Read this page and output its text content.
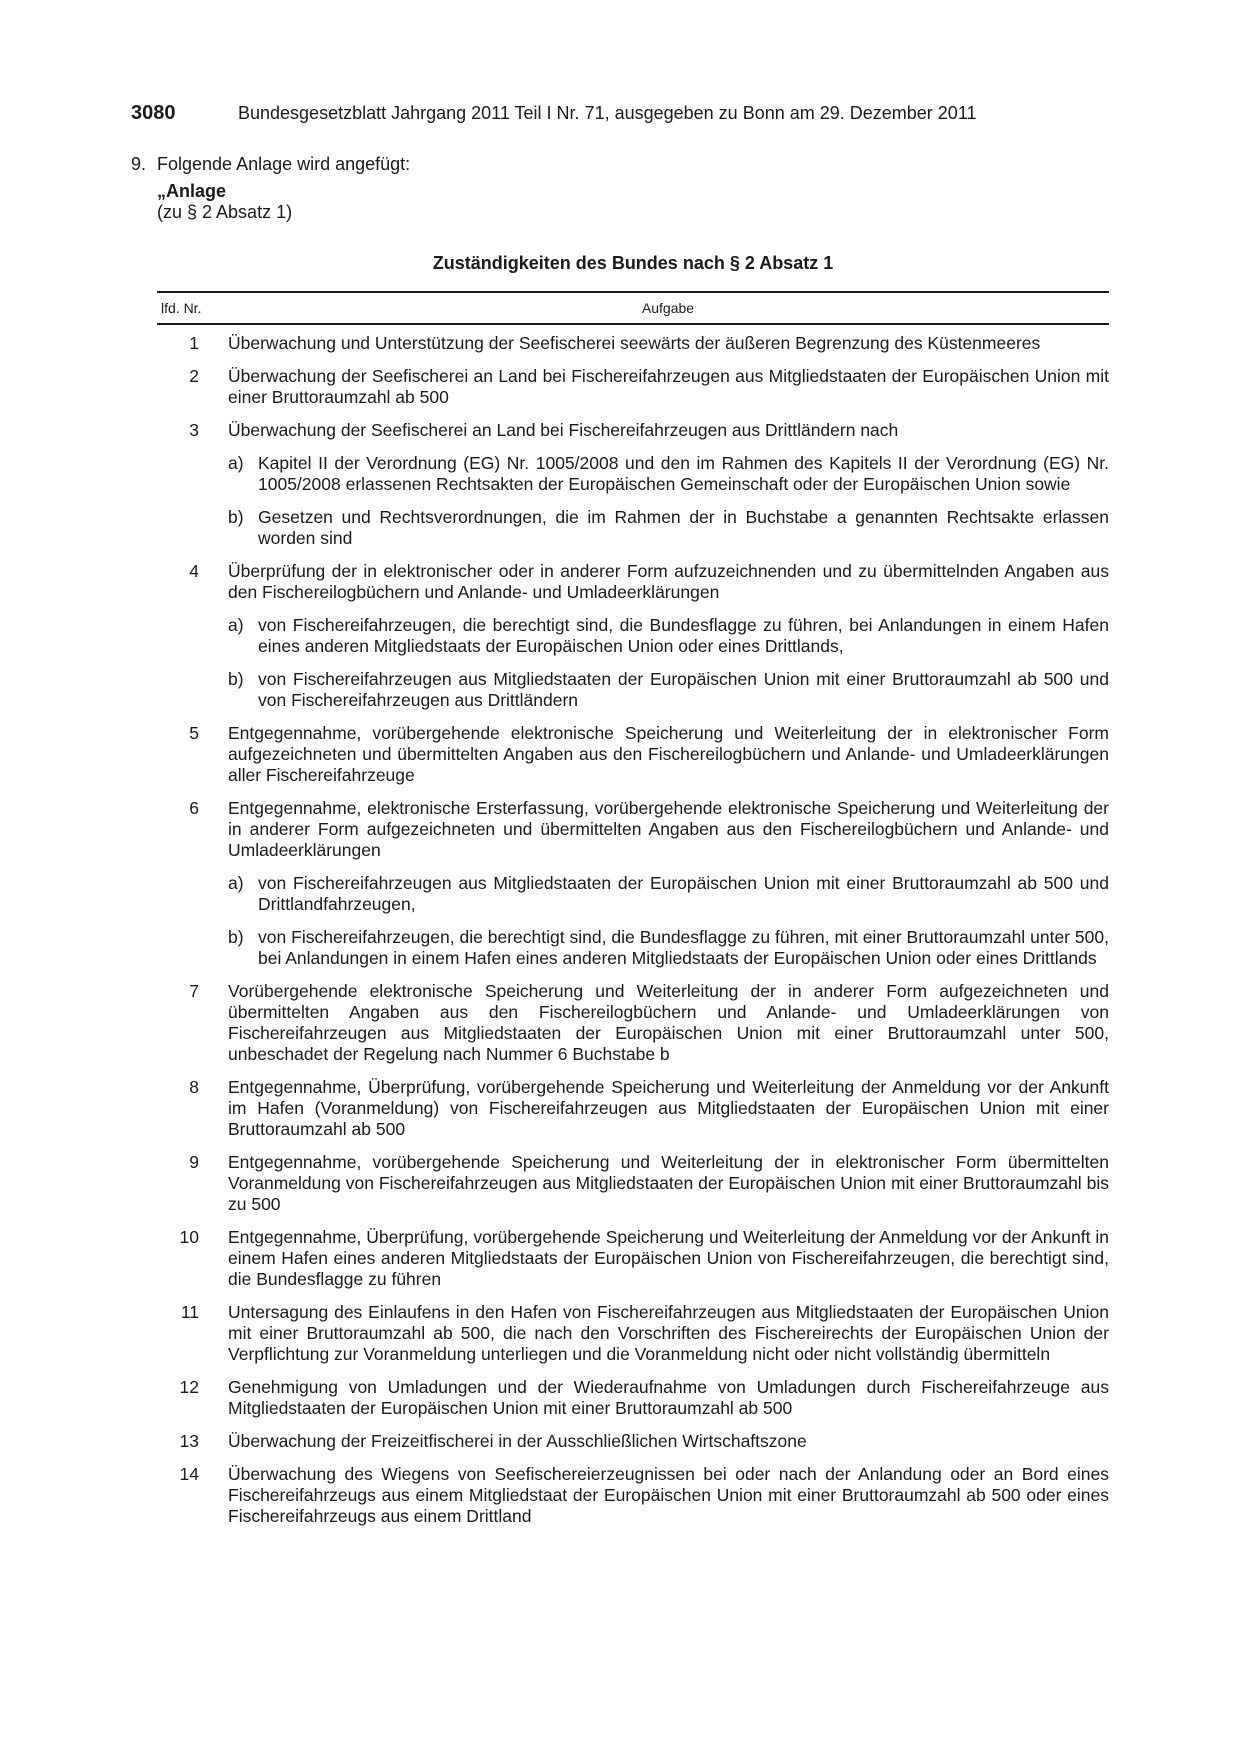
3080	Bundesgesetzblatt Jahrgang 2011 Teil I Nr. 71, ausgegeben zu Bonn am 29. Dezember 2011
9. Folgende Anlage wird angefügt:
„Anlage
(zu § 2 Absatz 1)
Zuständigkeiten des Bundes nach § 2 Absatz 1
lfd. Nr.	Aufgabe
1 Überwachung und Unterstützung der Seefischerei seewärts der äußeren Begrenzung des Küstenmeeres
2 Überwachung der Seefischerei an Land bei Fischereifahrzeugen aus Mitgliedstaaten der Europäischen Union mit einer Bruttoraumzahl ab 500
3 Überwachung der Seefischerei an Land bei Fischereifahrzeugen aus Drittländern nach
a) Kapitel II der Verordnung (EG) Nr. 1005/2008 und den im Rahmen des Kapitels II der Verordnung (EG) Nr. 1005/2008 erlassenen Rechtsakten der Europäischen Gemeinschaft oder der Europäischen Union sowie
b) Gesetzen und Rechtsverordnungen, die im Rahmen der in Buchstabe a genannten Rechtsakte erlassen worden sind
4 Überprüfung der in elektronischer oder in anderer Form aufzuzeichnenden und zu übermittelnden Angaben aus den Fischereilogbüchern und Anlande- und Umladeerklärungen
a) von Fischereifahrzeugen, die berechtigt sind, die Bundesflagge zu führen, bei Anlandungen in einem Hafen eines anderen Mitgliedstaats der Europäischen Union oder eines Drittlands,
b) von Fischereifahrzeugen aus Mitgliedstaaten der Europäischen Union mit einer Bruttoraumzahl ab 500 und von Fischereifahrzeugen aus Drittländern
5 Entgegennahme, vorübergehende elektronische Speicherung und Weiterleitung der in elektronischer Form aufgezeichneten und übermittelten Angaben aus den Fischereilogbüchern und Anlande- und Umladeerklärungen aller Fischereifahrzeuge
6 Entgegennahme, elektronische Ersterfassung, vorübergehende elektronische Speicherung und Weiterleitung der in anderer Form aufgezeichneten und übermittelten Angaben aus den Fischereilogbüchern und Anlande- und Umladeerklärungen
a) von Fischereifahrzeugen aus Mitgliedstaaten der Europäischen Union mit einer Bruttoraumzahl ab 500 und Drittlandfahrzeugen,
b) von Fischereifahrzeugen, die berechtigt sind, die Bundesflagge zu führen, mit einer Bruttoraumzahl unter 500, bei Anlandungen in einem Hafen eines anderen Mitgliedstaats der Europäischen Union oder eines Drittlands
7 Vorübergehende elektronische Speicherung und Weiterleitung der in anderer Form aufgezeichneten und übermittelten Angaben aus den Fischereilogbüchern und Anlande- und Umladeerklärungen von Fischereifahrzeugen aus Mitgliedstaaten der Europäischen Union mit einer Bruttoraumzahl unter 500, unbeschadet der Regelung nach Nummer 6 Buchstabe b
8 Entgegennahme, Überprüfung, vorübergehende Speicherung und Weiterleitung der Anmeldung vor der Ankunft im Hafen (Voranmeldung) von Fischereifahrzeugen aus Mitgliedstaaten der Europäischen Union mit einer Bruttoraumzahl ab 500
9 Entgegennahme, vorübergehende Speicherung und Weiterleitung der in elektronischer Form übermittelten Voranmeldung von Fischereifahrzeugen aus Mitgliedstaaten der Europäischen Union mit einer Bruttoraumzahl bis zu 500
10 Entgegennahme, Überprüfung, vorübergehende Speicherung und Weiterleitung der Anmeldung vor der Ankunft in einem Hafen eines anderen Mitgliedstaats der Europäischen Union von Fischereifahrzeugen, die berechtigt sind, die Bundesflagge zu führen
11 Untersagung des Einlaufens in den Hafen von Fischereifahrzeugen aus Mitgliedstaaten der Europäischen Union mit einer Bruttoraumzahl ab 500, die nach den Vorschriften des Fischereirechts der Europäischen Union der Verpflichtung zur Voranmeldung unterliegen und die Voranmeldung nicht oder nicht vollständig übermitteln
12 Genehmigung von Umladungen und der Wiederaufnahme von Umladungen durch Fischereifahrzeuge aus Mitgliedstaaten der Europäischen Union mit einer Bruttoraumzahl ab 500
13 Überwachung der Freizeitfischerei in der Ausschließlichen Wirtschaftszone
14 Überwachung des Wiegens von Seefischereierzeugnissen bei oder nach der Anlandung oder an Bord eines Fischereifahrzeugs aus einem Mitgliedstaat der Europäischen Union mit einer Bruttoraumzahl ab 500 oder eines Fischereifahrzeugs aus einem Drittland
